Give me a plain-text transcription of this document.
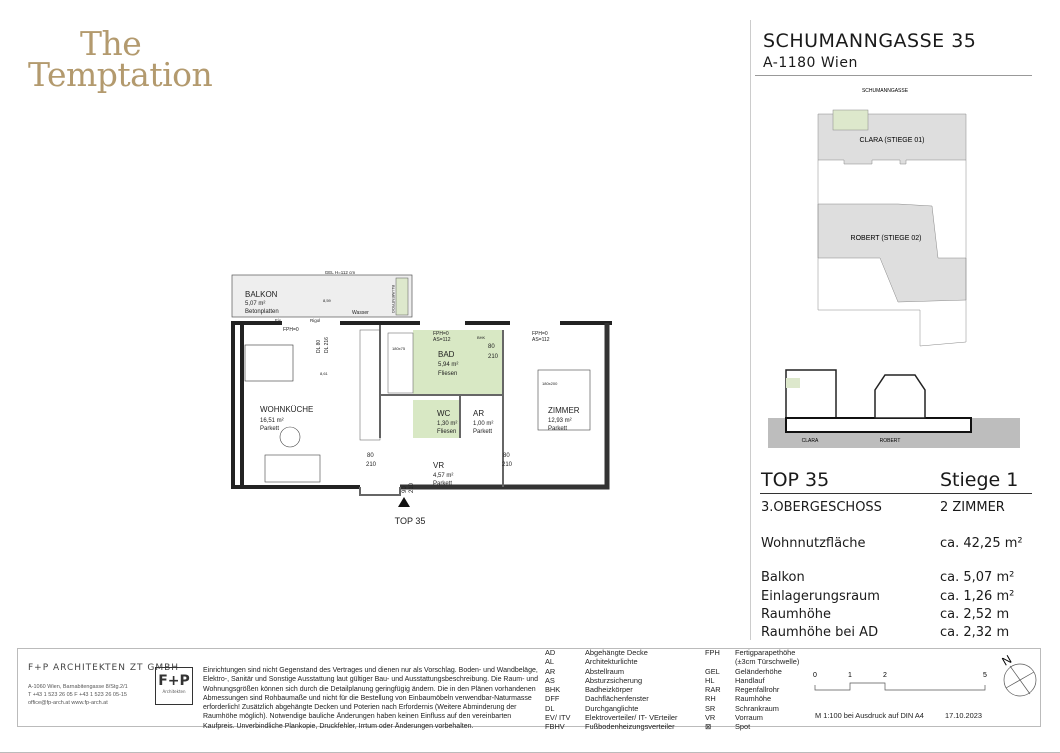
The
Temptation
SCHUMANNGASSE 35
A-1180 Wien
SCHUMANNGASSE
CLARA (STIEGE 01)
ROBERT (STIEGE 02)
CLARA	ROBERT
TOP 35	Stiege 1
3.OBERGESCHOSS	2 ZIMMER
Wohnnutzfläche	ca. 42,25 m²
Balkon	ca. 5,07 m²
Einlagerungsraum	ca. 1,26 m²
Raumhöhe	ca. 2,52 m
Raumhöhe bei AD	ca. 2,32 m
GEL H=112 cm
BLUMENTROG
BALKON
5,07 m²
Betonplatten	Wasser
8,59
Fix	Rigol
180x75
180x200
8,61
WOHNKÜCHE
16,51 m²
Parkett
BAD
5,94 m²
Fliesen
WC
1,30 m²
Fliesen
AR
1,00 m²
Parkett
ZIMMER
12,93 m²
Parkett
VR
4,57 m²
Parkett
FPH=0
FPH=0
AS=112
FPH=0
AS=112
BHK
DL 80 DL 216	80
210
80
210
80
210
90 210
TOP 35
F+P ARCHITEKTEN ZT GMBH
A-1060 Wien, Barnabitengasse 8/Stg.2/1
T +43 1 523 26 05 F +43 1 523 26 05-15
office@fp-arch.at www.fp-arch.at
F+P
Architekten
Einrichtungen sind nicht Gegenstand des Vertrages und dienen nur als Vorschlag. Boden- und Wandbeläge, Elektro-, Sanitär und Sonstige Ausstattung laut gültiger Bau- und Ausstattungsbeschreibung. Die Raum- und Wohnungsgrößen können sich durch die Detailplanung geringfügig ändern. Die in den Plänen vorhandenen Abmessungen sind Rohbaumaße und nicht für die Bestellung von Einbaumöbeln verwendbar-Naturmasse erforderlich! Zusätzlich abgehängte Decken und Poterien nach Erfordernis (Weitere Abminderung der Raumhöhe möglich). Notwendige bauliche Änderungen haben keinen Einfluss auf den vereinbarten Kaufpreis. Unverbindliche Plankopie, Druckfehler, Irrtum oder Änderungen vorbehalten.
AD	Abgehängte Decke
AL	Architekturlichte
AR	Abstellraum
AS	Absturzsicherung
BHK	Badheizkörper
DFF	Dachflächenfenster
DL	Durchganglichte
EV/ ITV	Elektroverteiler/ IT- VErteiler
FBHV	Fußbodenheizungsverteiler
FPH	Fertigparapethöhe
(±3cm Türschwelle)
GEL	Geländerhöhe
HL	Handlauf
RAR	Regenfallrohr
RH	Raumhöhe
SR	Schrankraum
VR	Vorraum
⊠	Spot
0	1	2	5
M 1:100 bei Ausdruck auf DIN A4	17.10.2023
N
